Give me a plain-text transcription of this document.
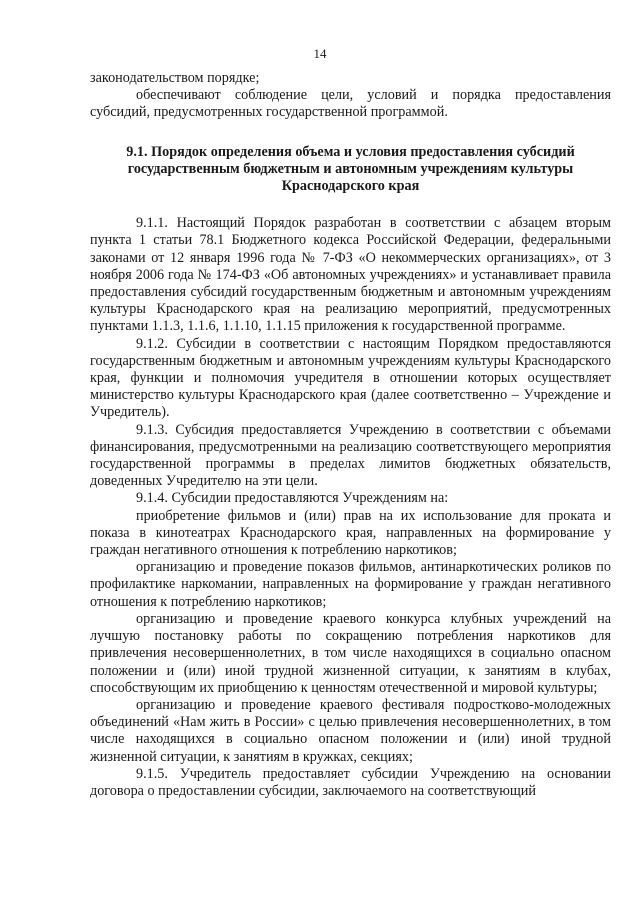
14

законодательством порядке;

обеспечивают соблюдение цели, условий и порядка предоставления субсидий, предусмотренных государственной программой.

9.1. Порядок определения объема и условия предоставления субсидий государственным бюджетным и автономным учреждениям культуры Краснодарского края

9.1.1. Настоящий Порядок разработан в соответствии с абзацем вторым пункта 1 статьи 78.1 Бюджетного кодекса Российской Федерации, федеральными законами от 12 января 1996 года № 7-ФЗ «О некоммерческих организациях», от 3 ноября 2006 года № 174-ФЗ «Об автономных учреждениях» и устанавливает правила предоставления субсидий государственным бюджетным и автономным учреждениям культуры Краснодарского края на реализацию мероприятий, предусмотренных пунктами 1.1.3, 1.1.6, 1.1.10, 1.1.15 приложения к государственной программе.

9.1.2. Субсидии в соответствии с настоящим Порядком предоставляются государственным бюджетным и автономным учреждениям культуры Краснодарского края, функции и полномочия учредителя в отношении которых осуществляет министерство культуры Краснодарского края (далее соответственно – Учреждение и Учредитель).

9.1.3. Субсидия предоставляется Учреждению в соответствии с объемами финансирования, предусмотренными на реализацию соответствующего мероприятия государственной программы в пределах лимитов бюджетных обязательств, доведенных Учредителю на эти цели.

9.1.4. Субсидии предоставляются Учреждениям на:

приобретение фильмов и (или) прав на их использование для проката и показа в кинотеатрах Краснодарского края, направленных на формирование у граждан негативного отношения к потреблению наркотиков;

организацию и проведение показов фильмов, антинаркотических роликов по профилактике наркомании, направленных на формирование у граждан негативного отношения к потреблению наркотиков;

организацию и проведение краевого конкурса клубных учреждений на лучшую постановку работы по сокращению потребления наркотиков для привлечения несовершеннолетних, в том числе находящихся в социально опасном положении и (или) иной трудной жизненной ситуации, к занятиям в клубах, способствующим их приобщению к ценностям отечественной и мировой культуры;

организацию и проведение краевого фестиваля подростково-молодежных объединений «Нам жить в России» с целью привлечения несовершеннолетних, в том числе находящихся в социально опасном положении и (или) иной трудной жизненной ситуации, к занятиям в кружках, секциях;

9.1.5. Учредитель предоставляет субсидии Учреждению на основании договора о предоставлении субсидии, заключаемого на соответствующий
